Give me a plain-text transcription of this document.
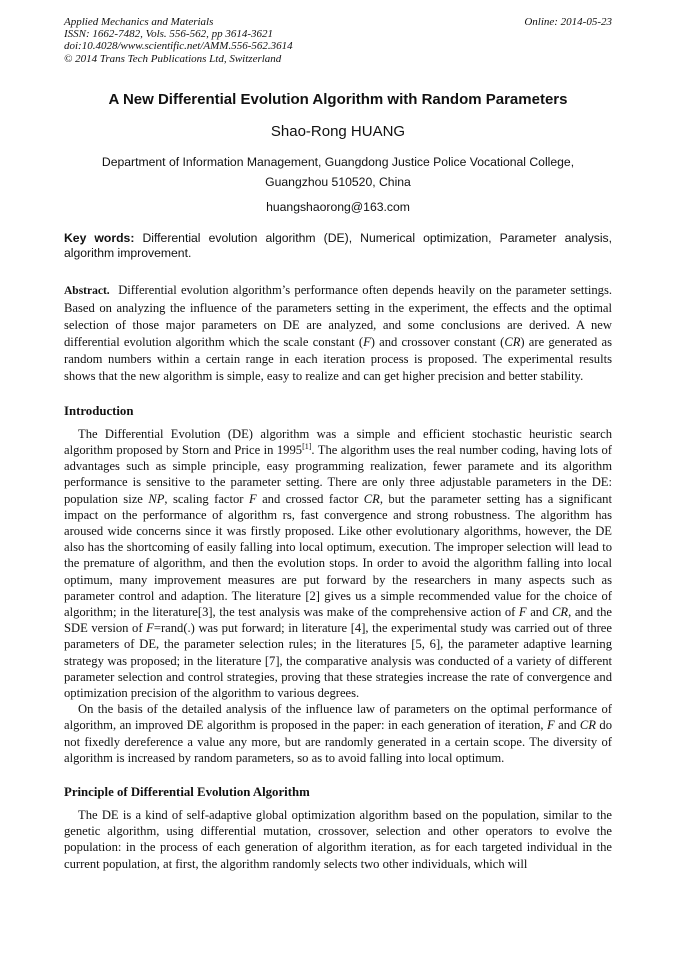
Applied Mechanics and Materials
ISSN: 1662-7482, Vols. 556-562, pp 3614-3621
doi:10.4028/www.scientific.net/AMM.556-562.3614
© 2014 Trans Tech Publications Ltd, Switzerland
Online: 2014-05-23
A New Differential Evolution Algorithm with Random Parameters
Shao-Rong HUANG
Department of Information Management, Guangdong Justice Police Vocational College,
Guangzhou 510520, China
huangshaorong@163.com
Key words: Differential evolution algorithm (DE), Numerical optimization, Parameter analysis, algorithm improvement.
Abstract. Differential evolution algorithm’s performance often depends heavily on the parameter settings. Based on analyzing the influence of the parameters setting in the experiment, the effects and the optimal selection of those major parameters on DE are analyzed, and some conclusions are derived. A new differential evolution algorithm which the scale constant (F) and crossover constant (CR) are generated as random numbers within a certain range in each iteration process is proposed. The experimental results shows that the new algorithm is simple, easy to realize and can get higher precision and better stability.
Introduction

The Differential Evolution (DE) algorithm was a simple and efficient stochastic heuristic search algorithm proposed by Storn and Price in 1995[1]. The algorithm uses the real number coding, having lots of advantages such as simple principle, easy programming realization, fewer paramete and its algorithm performance is sensitive to the parameter setting. There are only three adjustable parameters in the DE: population size NP, scaling factor F and crossed factor CR, but the parameter setting has a significant impact on the performance of algorithm rs, fast convergence and strong robustness. The algorithm has aroused wide concerns since it was firstly proposed. Like other evolutionary algorithms, however, the DE also has the shortcoming of easily falling into local optimum, execution. The improper selection will lead to the premature of algorithm, and then the evolution stops. In order to avoid the algorithm falling into local optimum, many improvement measures are put forward by the researchers in many aspects such as parameter control and adaption. The literature [2] gives us a simple recommended value for the choice of algorithm; in the literature[3], the test analysis was make of the comprehensive action of F and CR, and the SDE version of F=rand(.) was put forward; in literature [4], the experimental study was carried out of three parameters of DE, the parameter selection rules; in the literatures [5, 6], the parameter adaptive learning strategy was proposed; in the literature [7], the comparative analysis was conducted of a variety of different parameter selection and control strategies, proving that these strategies increase the rate of convergence and optimization precision of the algorithm to various degrees.

On the basis of the detailed analysis of the influence law of parameters on the optimal performance of algorithm, an improved DE algorithm is proposed in the paper: in each generation of iteration, F and CR do not fixedly dereference a value any more, but are randomly generated in a certain scope. The diversity of algorithm is increased by random parameters, so as to avoid falling into local optimum.

Principle of Differential Evolution Algorithm

The DE is a kind of self-adaptive global optimization algorithm based on the population, similar to the genetic algorithm, using differential mutation, crossover, selection and other operators to evolve the population: in the process of each generation of algorithm iteration, as for each targeted individual in the current population, at first, the algorithm randomly selects two other individuals, which will
